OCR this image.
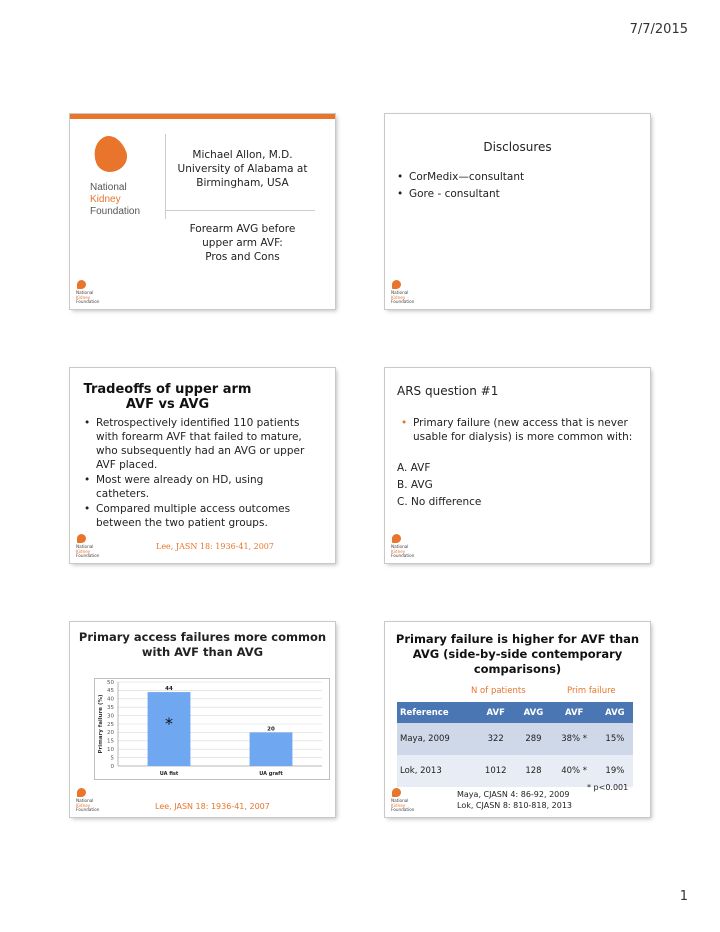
7/7/2015
National
Kidney
Foundation
Michael Allon, M.D.
University of Alabama at
Birmingham, USA
Forearm AVG before
upper arm AVF:
Pros and Cons
National
Kidney
Foundation
Disclosures
• CorMedix—consultant
• Gore - consultant
National
Kidney
Foundation
Tradeoffs of upper arm AVF vs AVG
• Retrospectively identified 110 patients with forearm AVF that failed to mature, who subsequently had an AVG or upper AVF placed.
• Most were already on HD, using catheters.
• Compared multiple access outcomes between the two patient groups.
Lee, JASN 18: 1936-41, 2007
National
Kidney
Foundation
ARS question #1
• Primary failure (new access that is never usable for dialysis) is more common with:
A. AVF
B. AVG
C. No difference
National
Kidney
Foundation
Primary access failures more common with AVF than AVG
0
5
10
15
20
25
30
35
40
45
50
Primary failure (%)
44
UA fist
20
UA graft
*
Lee, JASN 18: 1936-41, 2007
National
Kidney
Foundation
Primary failure is higher for AVF than AVG (side-by-side contemporary comparisons)
N of patients	Prim failure
Reference	AVF	AVG	AVF	AVG
Maya, 2009	322	289	38% *	15%
Lok, 2013	1012	128	40% *	19%
* p<0.001
Maya, CJASN 4: 86-92, 2009
Lok, CJASN 8: 810-818, 2013
National
Kidney
Foundation
1
